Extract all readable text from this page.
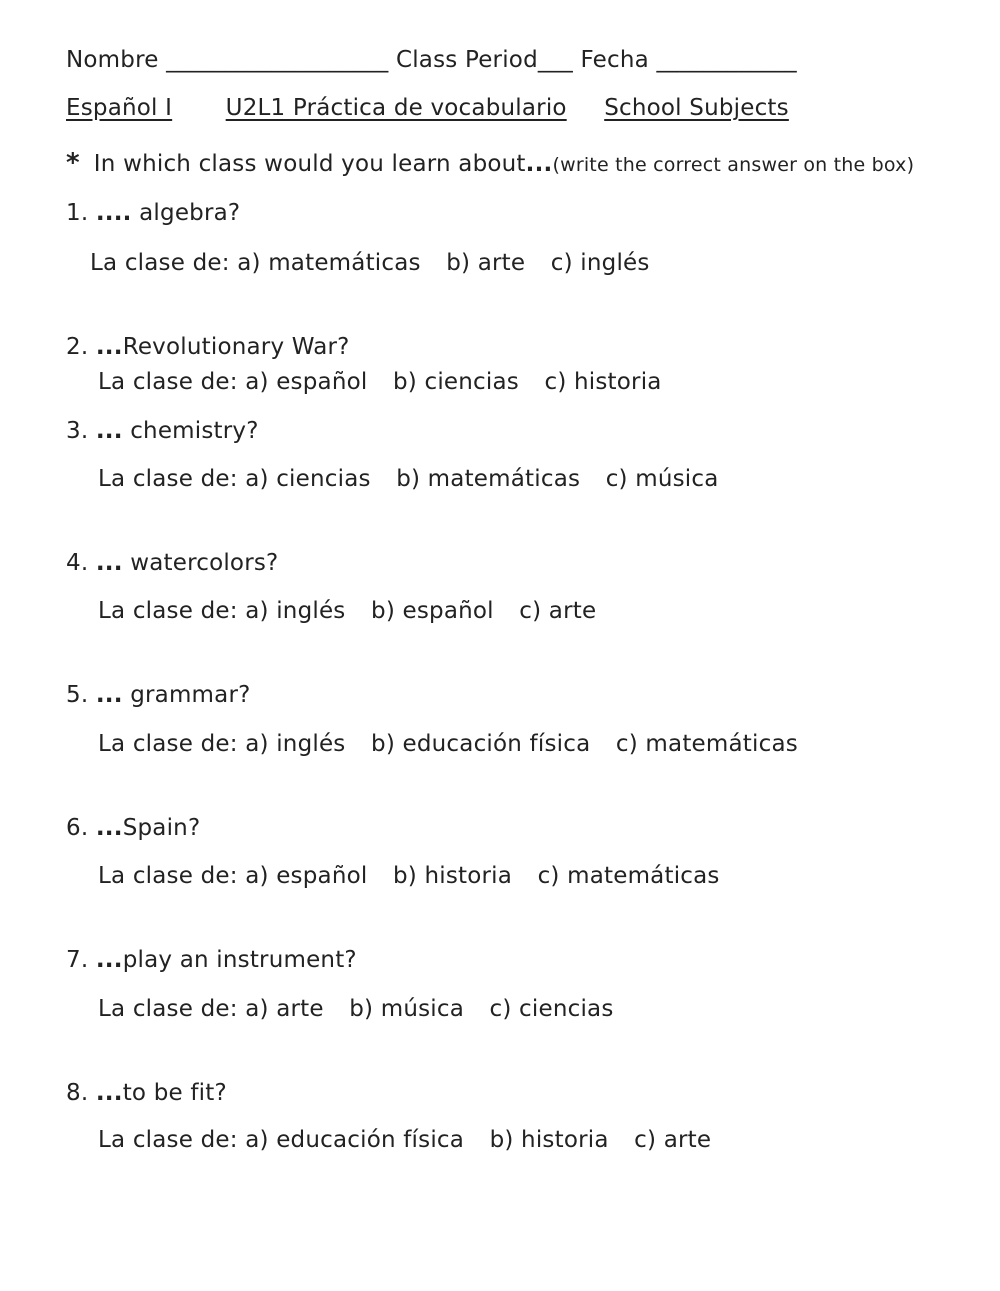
Nombre ___________________ Class Period___ Fecha ____________
Español I U2L1 Práctica de vocabulario School Subjects
* In which class would you learn about...(write the correct answer on the box)
1. .... algebra?
La clase de: a) matemáticas b) arte c) inglés
2. ...Revolutionary War?
La clase de: a) español b) ciencias c) historia
3. ... chemistry?
La clase de: a) ciencias b) matemáticas c) música
4. ... watercolors?
La clase de: a) inglés b) español c) arte
5. ... grammar?
La clase de: a) inglés b) educación física c) matemáticas
6. ...Spain?
La clase de: a) español b) historia c) matemáticas
7. ...play an instrument?
La clase de: a) arte b) música c) ciencias
8. ...to be fit?
La clase de: a) educación física b) historia c) arte
